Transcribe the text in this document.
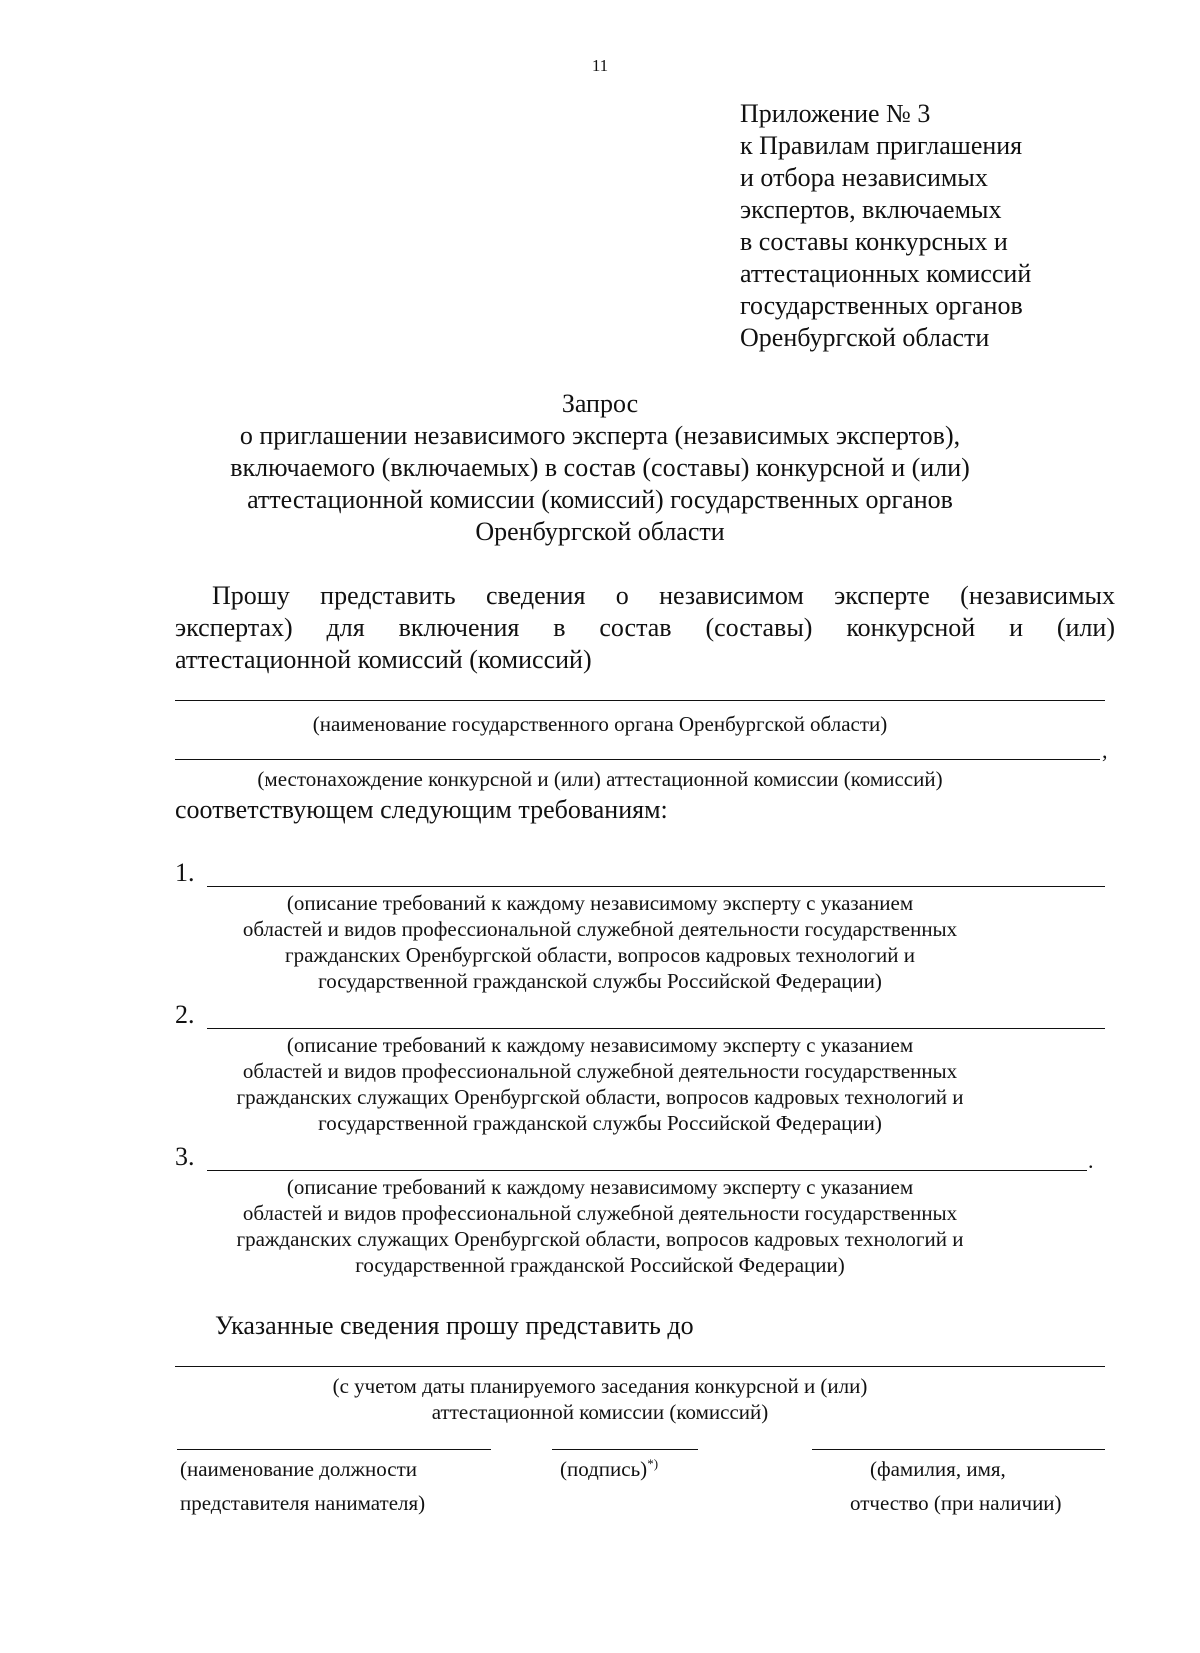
11
Приложение № 3
к Правилам приглашения
и отбора независимых
экспертов, включаемых
в составы конкурсных и
аттестационных комиссий
государственных органов
Оренбургской области
Запрос
о приглашении независимого эксперта (независимых экспертов),
включаемого (включаемых) в состав (составы) конкурсной и (или)
аттестационной комиссии (комиссий) государственных органов
Оренбургской области
Прошу представить сведения о независимом эксперте (независимых
экспертах) для включения в состав (составы) конкурсной и (или)
аттестационной комиссий (комиссий)
(наименование государственного органа Оренбургской области)
,
(местонахождение конкурсной и (или) аттестационной комиссии (комиссий)
соответствующем следующим требованиям:
1.
(описание требований к каждому независимому эксперту с указанием
областей и видов профессиональной служебной деятельности государственных
гражданских Оренбургской области, вопросов кадровых технологий и
государственной гражданской службы Российской Федерации)
2.
(описание требований к каждому независимому эксперту с указанием
областей и видов профессиональной служебной деятельности государственных
гражданских служащих Оренбургской области, вопросов кадровых технологий и
государственной гражданской службы Российской Федерации)
3.	.
(описание требований к каждому независимому эксперту с указанием
областей и видов профессиональной служебной деятельности государственных
гражданских служащих Оренбургской области, вопросов кадровых технологий и
государственной гражданской Российской Федерации)
Указанные сведения прошу представить до
(с учетом даты планируемого заседания конкурсной и (или)
аттестационной комиссии (комиссий)
(наименование должности
представителя нанимателя)
(подпись)*)	(фамилия, имя,
отчество (при наличии)
